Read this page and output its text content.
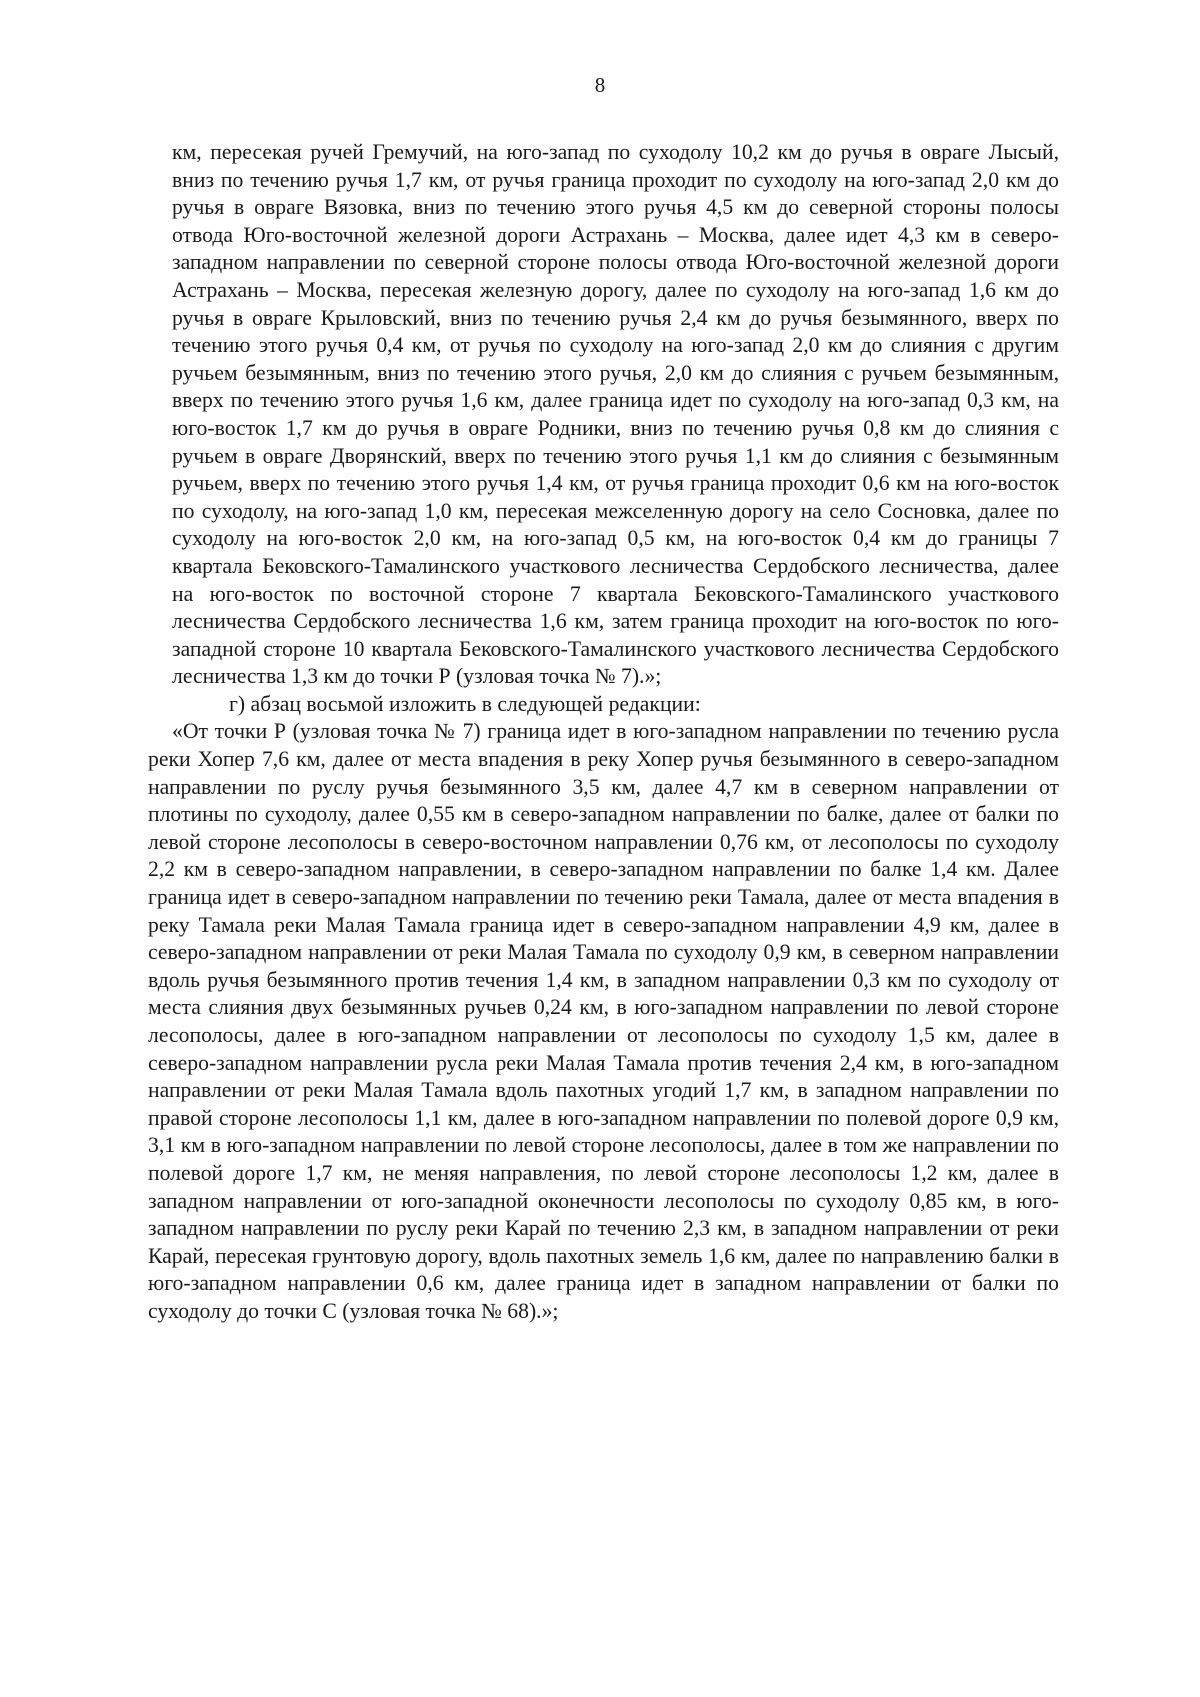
8

км, пересекая ручей Гремучий, на юго-запад по суходолу 10,2 км до ручья в овраге Лысый, вниз по течению ручья 1,7 км, от ручья граница проходит по суходолу на юго-запад 2,0 км до ручья в овраге Вязовка, вниз по течению этого ручья 4,5 км до северной стороны полосы отвода Юго-восточной железной дороги Астрахань – Москва, далее идет 4,3 км в северо-западном направлении по северной стороне полосы отвода Юго-восточной железной дороги Астрахань – Москва, пересекая железную дорогу, далее по суходолу на юго-запад 1,6 км до ручья в овраге Крыловский, вниз по течению ручья 2,4 км до ручья безымянного, вверх по течению этого ручья 0,4 км, от ручья по суходолу на юго-запад 2,0 км до слияния с другим ручьем безымянным, вниз по течению этого ручья, 2,0 км до слияния с ручьем безымянным, вверх по течению этого ручья 1,6 км, далее граница идет по суходолу на юго-запад 0,3 км, на юго-восток 1,7 км до ручья в овраге Родники, вниз по течению ручья 0,8 км до слияния с ручьем в овраге Дворянский, вверх по течению этого ручья 1,1 км до слияния с безымянным ручьем, вверх по течению этого ручья 1,4 км, от ручья граница проходит 0,6 км на юго-восток по суходолу, на юго-запад 1,0 км, пересекая межселенную дорогу на село Сосновка, далее по суходолу на юго-восток 2,0 км, на юго-запад 0,5 км, на юго-восток 0,4 км до границы 7 квартала Бековского-Тамалинского участкового лесничества Сердобского лесничества, далее на юго-восток по восточной стороне 7 квартала Бековского-Тамалинского участкового лесничества Сердобского лесничества 1,6 км, затем граница проходит на юго-восток по юго-западной стороне 10 квартала Бековского-Тамалинского участкового лесничества Сердобского лесничества 1,3 км до точки Р (узловая точка № 7).»;

г) абзац восьмой изложить в следующей редакции:

«От точки Р (узловая точка № 7) граница идет в юго-западном направлении по течению русла реки Хопер 7,6 км, далее от места впадения в реку Хопер ручья безымянного в северо-западном направлении по руслу ручья безымянного 3,5 км, далее 4,7 км в северном направлении от плотины по суходолу, далее 0,55 км в северо-западном направлении по балке, далее от балки по левой стороне лесополосы в северо-восточном направлении 0,76 км, от лесополосы по суходолу 2,2 км в северо-западном направлении, в северо-западном направлении по балке 1,4 км. Далее граница идет в северо-западном направлении по течению реки Тамала, далее от места впадения в реку Тамала реки Малая Тамала граница идет в северо-западном направлении 4,9 км, далее в северо-западном направлении от реки Малая Тамала по суходолу 0,9 км, в северном направлении вдоль ручья безымянного против течения 1,4 км, в западном направлении 0,3 км по суходолу от места слияния двух безымянных ручьев 0,24 км, в юго-западном направлении по левой стороне лесополосы, далее в юго-западном направлении от лесополосы по суходолу 1,5 км, далее в северо-западном направлении русла реки Малая Тамала против течения 2,4 км, в юго-западном направлении от реки Малая Тамала вдоль пахотных угодий 1,7 км, в западном направлении по правой стороне лесополосы 1,1 км, далее в юго-западном направлении по полевой дороге 0,9 км, 3,1 км в юго-западном направлении по левой стороне лесополосы, далее в том же направлении по полевой дороге 1,7 км, не меняя направления, по левой стороне лесополосы 1,2 км, далее в западном направлении от юго-западной оконечности лесополосы по суходолу 0,85 км, в юго-западном направлении по руслу реки Карай по течению 2,3 км, в западном направлении от реки Карай, пересекая грунтовую дорогу, вдоль пахотных земель 1,6 км, далее по направлению балки в юго-западном направлении 0,6 км, далее граница идет в западном направлении от балки по суходолу до точки С (узловая точка № 68).»;
